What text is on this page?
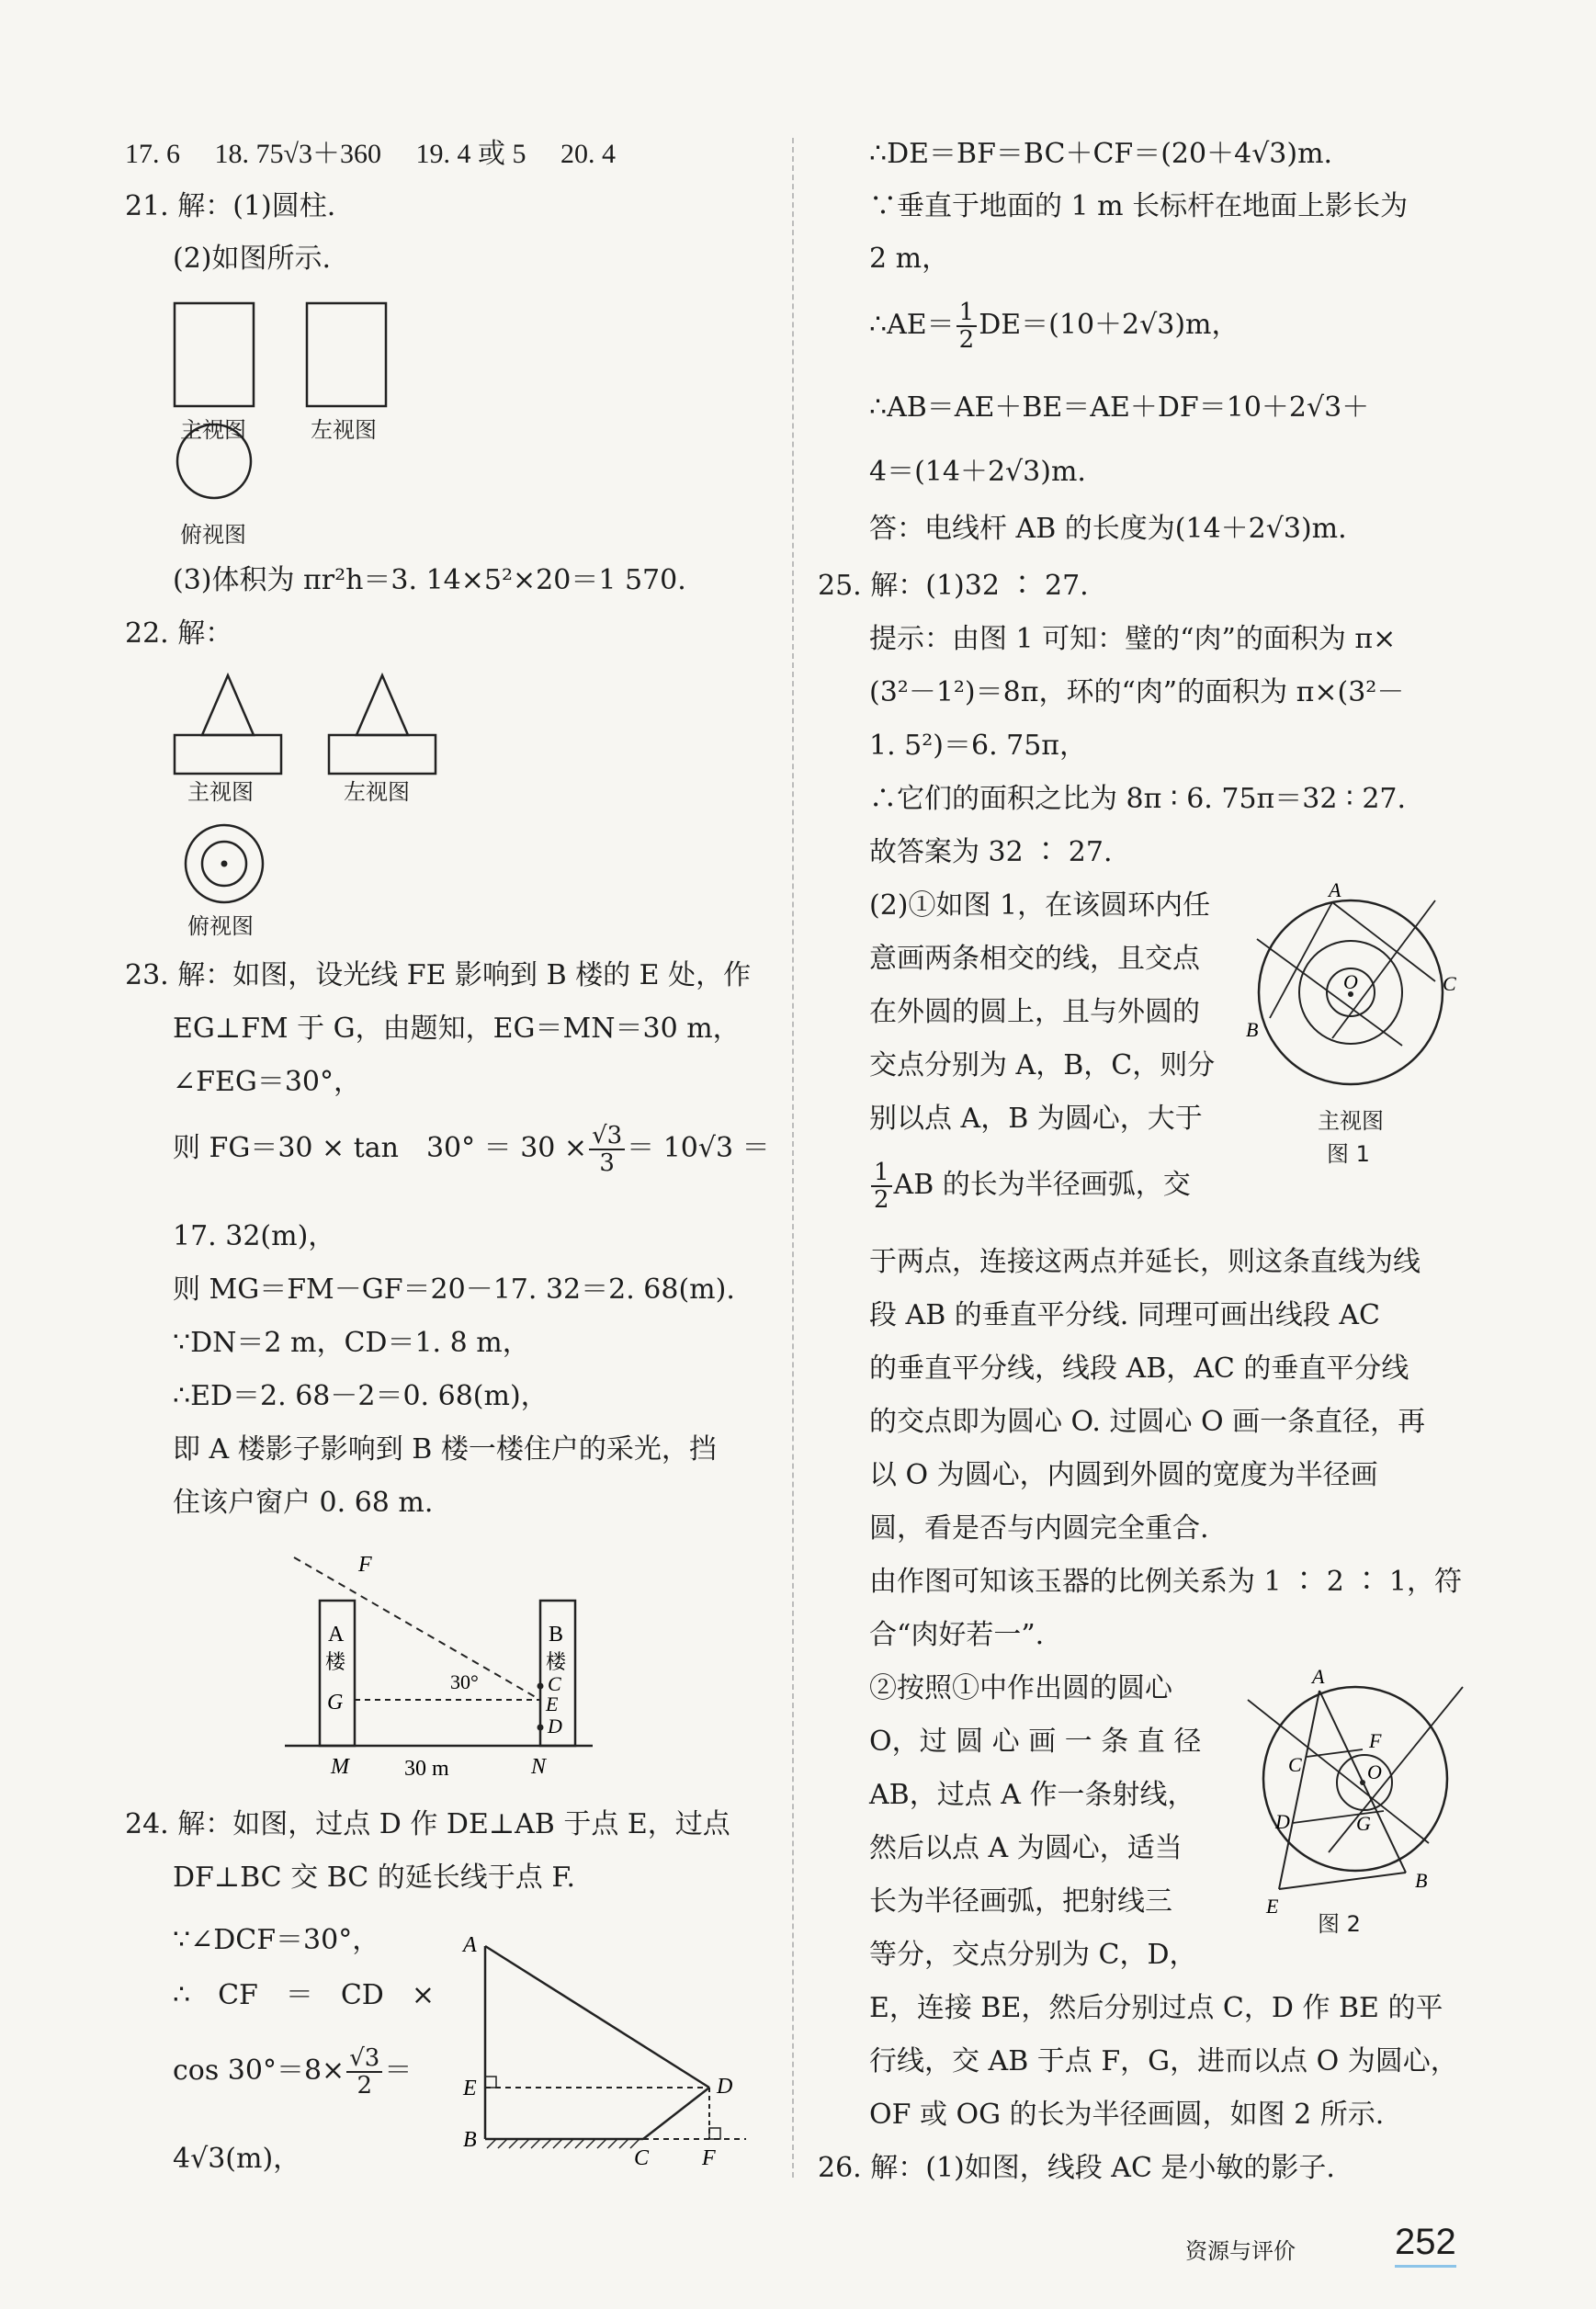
17. 6　 18. 75√3＋360　 19. 4 或 5　 20. 4
21. 解：(1)圆柱.
(2)如图所示.
主视图	左视图
俯视图
(3)体积为 πr²h＝3. 14×5²×20＝1 570.
22. 解：
主视图	左视图
俯视图
23. 解：如图，设光线 FE 影响到 B 楼的 E 处，作
EG⊥FM 于 G，由题知，EG＝MN＝30 m，
∠FEG＝30°，
则 FG＝30 × tan　$30^\circ = 30 \times \frac{√3}{3} = 10√3$ ＝
17. 32(m)，
则 MG＝FM－GF＝20－17. 32＝2. 68(m).
∵DN＝2 m，CD＝1. 8 m，
∴ED＝2. 68－2＝0. 68(m)，
即 A 楼影子影响到 B 楼一楼住户的采光，挡
住该户窗户 0. 68 m.
F
A
楼
G
B
楼
C
E
D
30°
M	30 m	N
24. 解：如图，过点 D 作 DE⊥AB 于点 E，过点
DF⊥BC 交 BC 的延长线于点 F.
∵∠DCF＝30°，
∴　CF　＝　CD　×
$\cos 30^\circ=8\times \frac{√3}{2}$ ＝
4√3(m)，
A
E
B
D
C F
∴DE＝BF＝BC＋CF＝(20＋4√3)m.
∵垂直于地面的 1 m 长标杆在地面上影长为
2 m，
∴AE＝ $\frac{1}{2} DE=(10+2√3)m$，
∴AB＝AE＋BE＝AE＋DF＝10＋2√3＋
4＝(14＋2√3)m.
答：电线杆 AB 的长度为(14＋2√3)m.
25. 解：(1)32 ∶ 27.
提示：由图 1 可知：璧的“肉”的面积为 π×
(3²－1²)＝8π，环的“肉”的面积为 π×(3²－
1. 5²)＝6. 75π，
∴它们的面积之比为 8π ∶ 6. 75π＝32 ∶ 27.
故答案为 32 ∶ 27.
(2)①如图 1，在该圆环内任
意画两条相交的线，且交点
在外圆的圆上，且与外圆的
交点分别为 A，B，C，则分
别以点 A，B 为圆心，大于
$\frac{1}{2}$ AB 的长为半径画弧，交
A
B
C
O
主视图
图 1
于两点，连接这两点并延长，则这条直线为线
段 AB 的垂直平分线. 同理可画出线段 AC
的垂直平分线，线段 AB，AC 的垂直平分线
的交点即为圆心 O. 过圆心 O 画一条直径，再
以 O 为圆心，内圆到外圆的宽度为半径画
圆，看是否与内圆完全重合.
由作图可知该玉器的比例关系为 1 ∶ 2 ∶ 1，符
合“肉好若一”.
②按照①中作出圆的圆心
O，过 圆 心 画 一 条 直 径
AB，过点 A 作一条射线，
然后以点 A 为圆心，适当
长为半径画弧，把射线三
等分，交点分别为 C，D，
A
F
C	O
D	G
B
E
图 2
E，连接 BE，然后分别过点 C，D 作 BE 的平
行线，交 AB 于点 F，G，进而以点 O 为圆心，
OF 或 OG 的长为半径画圆，如图 2 所示.
26. 解：(1)如图，线段 AC 是小敏的影子.
资源与评价	252
